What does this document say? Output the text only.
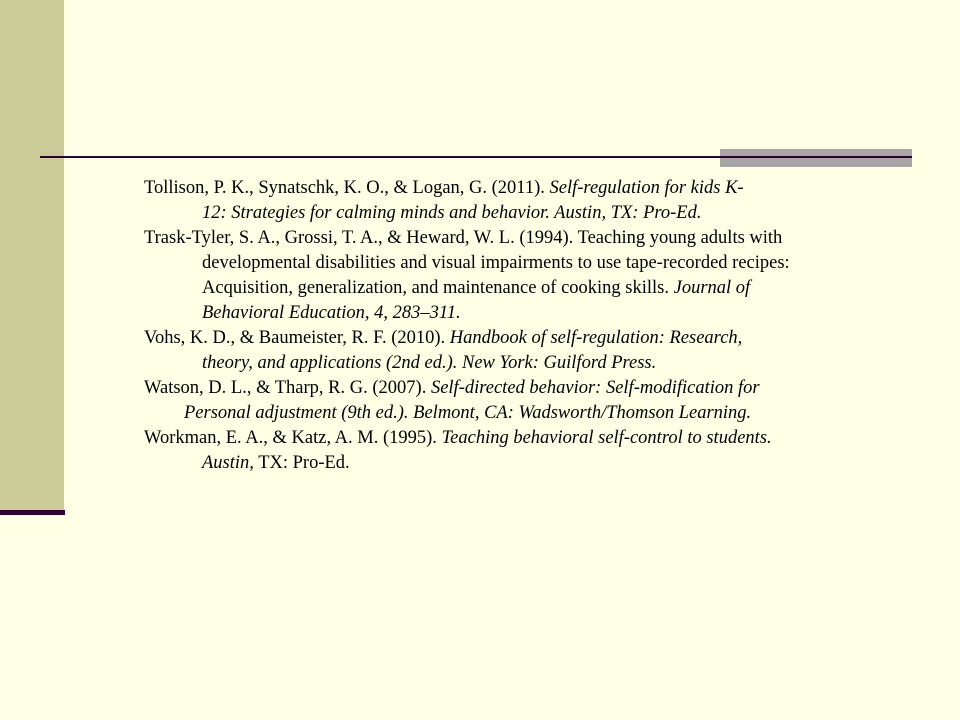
Tollison, P. K., Synatschk, K. O., & Logan, G. (2011). Self-regulation for kids K-
12: Strategies for calming minds and behavior. Austin, TX: Pro-Ed.

Trask-Tyler, S. A., Grossi, T. A., & Heward, W. L. (1994). Teaching young adults with
developmental disabilities and visual impairments to use tape-recorded recipes:
Acquisition, generalization, and maintenance of cooking skills. Journal of
Behavioral Education, 4, 283–311.

Vohs, K. D., & Baumeister, R. F. (2010). Handbook of self-regulation: Research,
theory, and applications (2nd ed.). New York: Guilford Press.

Watson, D. L., & Tharp, R. G. (2007). Self-directed behavior: Self-modification for
Personal adjustment (9th ed.). Belmont, CA: Wadsworth/Thomson Learning.

Workman, E. A., & Katz, A. M. (1995). Teaching behavioral self-control to students.
Austin, TX: Pro-Ed.
